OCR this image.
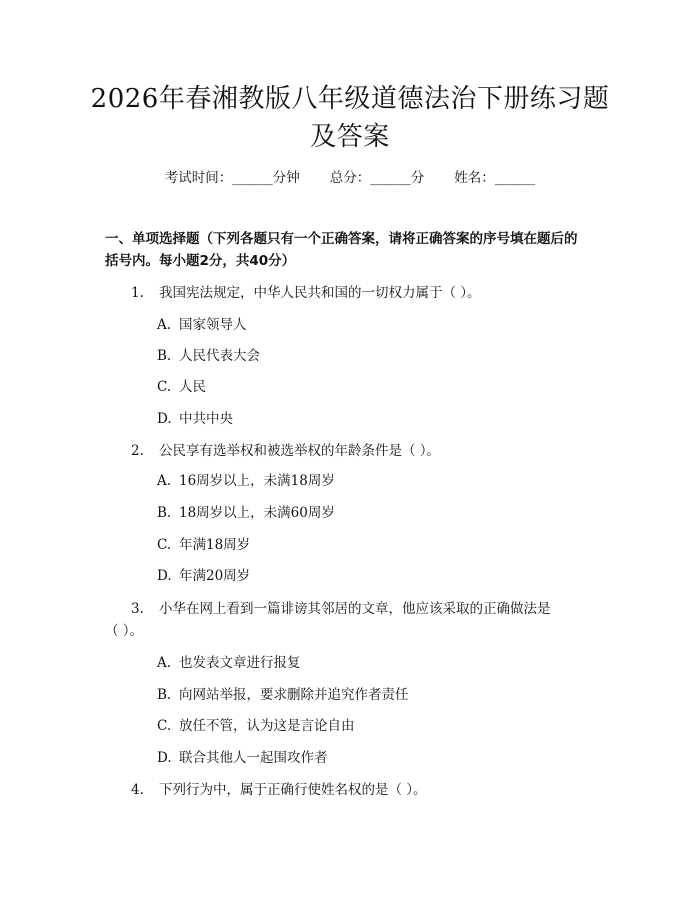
2026年春湘教版八年级道德法治下册练习题
及答案
考试时间：______分钟 总分：______分 姓名：______
一、单项选择题（下列各题只有一个正确答案，请将正确答案的序号填在题后的
括号内。每小题2分，共40分）
1. 我国宪法规定，中华人民共和国的一切权力属于（ ）。
A. 国家领导人
B. 人民代表大会
C. 人民
D. 中共中央
2. 公民享有选举权和被选举权的年龄条件是（ ）。
A. 16周岁以上，未满18周岁
B. 18周岁以上，未满60周岁
C. 年满18周岁
D. 年满20周岁
3. 小华在网上看到一篇诽谤其邻居的文章，他应该采取的正确做法是
（ ）。
A. 也发表文章进行报复
B. 向网站举报，要求删除并追究作者责任
C. 放任不管，认为这是言论自由
D. 联合其他人一起围攻作者
4. 下列行为中，属于正确行使姓名权的是（ ）。
